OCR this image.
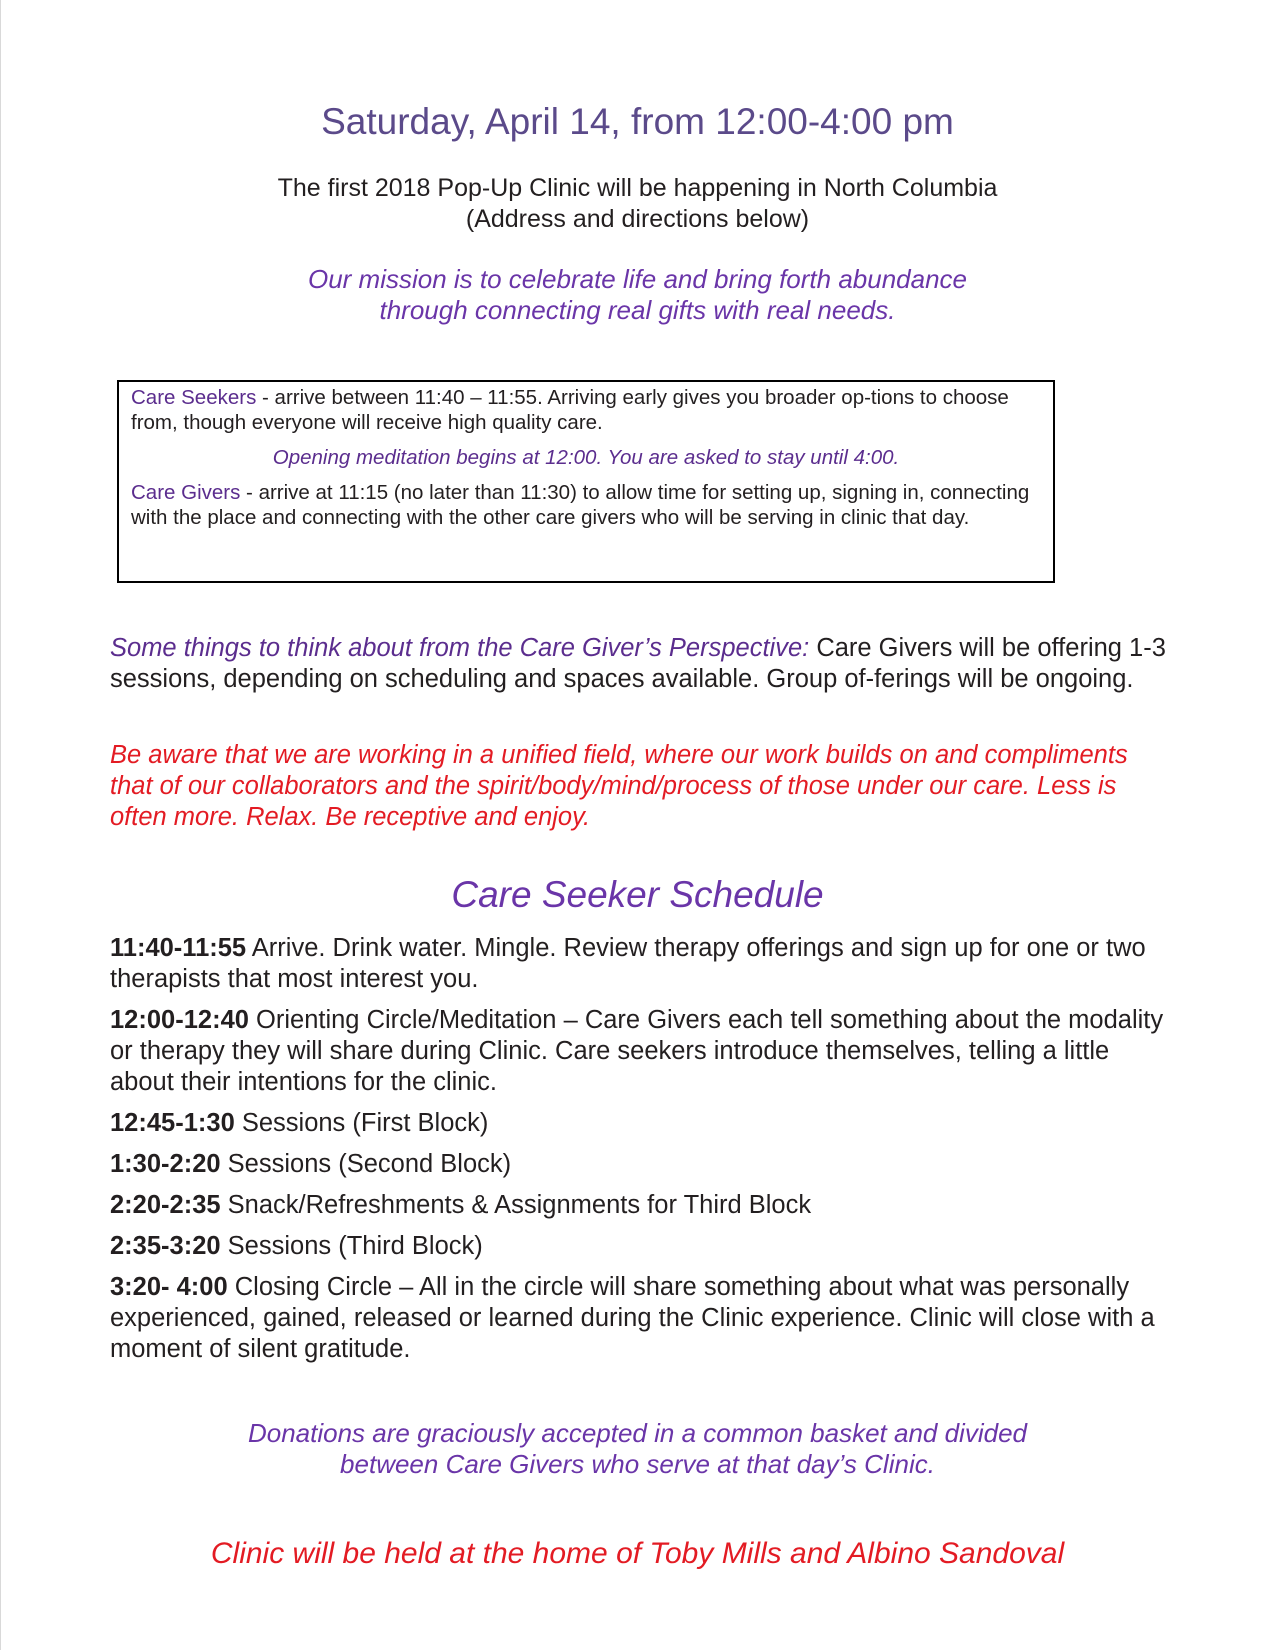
Saturday, April 14, from 12:00-4:00 pm
The first 2018 Pop-Up Clinic will be happening in North Columbia
(Address and directions below)
Our mission is to celebrate life and bring forth abundance
through connecting real gifts with real needs.

Care Seekers - arrive between 11:40 – 11:55. Arriving early gives you broader op-tions to choose from, though everyone will receive high quality care.

Opening meditation begins at 12:00. You are asked to stay until 4:00.

Care Givers - arrive at 11:15 (no later than 11:30) to allow time for setting up, signing in, connecting with the place and connecting with the other care givers who will be serving in clinic that day.

Some things to think about from the Care Giver’s Perspective: Care Givers will be offering 1-3 sessions, depending on scheduling and spaces available. Group of-ferings will be ongoing.

Be aware that we are working in a unified field, where our work builds on and compliments that of our collaborators and the spirit/body/mind/process of those under our care. Less is often more. Relax. Be receptive and enjoy.

Care Seeker Schedule
11:40-11:55 Arrive. Drink water. Mingle. Review therapy offerings and sign up for one or two therapists that most interest you.
12:00-12:40 Orienting Circle/Meditation – Care Givers each tell something about the modality or therapy they will share during Clinic. Care seekers introduce themselves, telling a little about their intentions for the clinic.
12:45-1:30 Sessions (First Block)
1:30-2:20 Sessions (Second Block)
2:20-2:35 Snack/Refreshments & Assignments for Third Block
2:35-3:20 Sessions (Third Block)
3:20- 4:00 Closing Circle – All in the circle will share something about what was personally experienced, gained, released or learned during the Clinic experience. Clinic will close with a moment of silent gratitude.
Donations are graciously accepted in a common basket and divided
between Care Givers who serve at that day’s Clinic.
Clinic will be held at the home of Toby Mills and Albino Sandoval
